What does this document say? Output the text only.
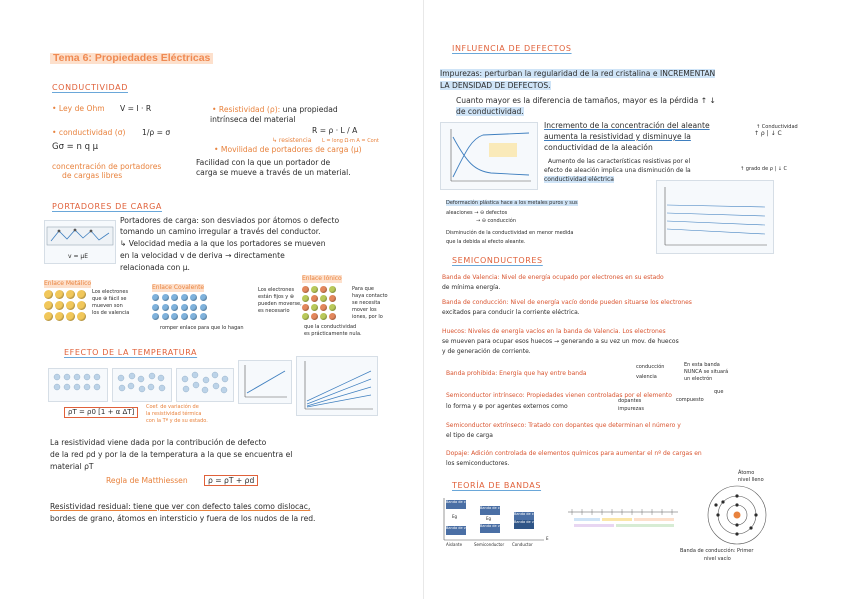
Tema 6: Propiedades Eléctricas
CONDUCTIVIDAD
• Ley de Ohm V = I · R
• conductividad (σ) 1/ρ = σ
Gσ = n q μ
concentración de portadores
de cargas libres
• Resistividad (ρ): una propiedad
intrínseca del material
R = ρ · L / A
↳ resistencia L = long Ω·m A = Cont
• Movilidad de portadores de carga (μ)
Facilidad con la que un portador de
carga se mueve a través de un material.
PORTADORES DE CARGA
v = μE
Portadores de carga: son desviados por átomos o defecto
tomando un camino irregular a través del conductor.
↳ Velocidad media a la que los portadores se mueven
en la velocidad v de deriva → directamente
relacionada con μ.
Enlace Metálico
Los electrones
que ⊕ fácil se
mueven son
los de valencia
Enlace Covalente	Los electrones
están fijos y ⊕
pueden moverse,
es necesario
romper enlace para que lo hagan
Enlace Iónico
Para que
haya contacto
se necesita
mover los
iones, por lo
que la conductividad
es prácticamente nula.
EFECTO DE LA TEMPERATURA
ρT = ρ0 [1 + α ΔT]
Coef. de variación de
la resistividad térmica
con la Tª y de su estado.
La resistividad viene dada por la contribución de defecto
de la red ρd y por la de la temperatura a la que se encuentra el
material ρT
Regla de Matthiessen	ρ = ρT + ρd
Resistividad residual: tiene que ver con defecto tales como dislocac,
bordes de grano, átomos en intersticio y fuera de los nudos de la red.
INFLUENCIA DE DEFECTOS
Impurezas: perturban la regularidad de la red cristalina e INCREMENTAN
LA DENSIDAD DE DEFECTOS.
Cuanto mayor es la diferencia de tamaños, mayor es la pérdida ↑ ↓
de conductividad.
Incremento de la concentración del aleante
aumenta la resistividad y disminuye la
conductividad de la aleación
Aumento de las características resistivas por el
efecto de aleación implica una disminución de la
conductividad eléctrica
↑ Conductividad
↑ ρ | ↓ C
↑ grado de ρ | ↓ C
Deformación plástica hace a los metales puros y sus
aleaciones → ⊖ defectos
→ ⊖ conducción
Disminución de la conductividad en menor medida
que la debida al efecto aleante.
SEMICONDUCTORES
Banda de Valencia: Nivel de energía ocupado por electrones en su estado
de mínima energía.
Banda de conducción: Nivel de energía vacío donde pueden situarse los electrones
excitados para conducir la corriente eléctrica.
Huecos: Niveles de energía vacíos en la banda de Valencia. Los electrones
se mueven para ocupar esos huecos → generando a su vez un mov. de huecos
y de generación de corriente.
Banda prohibida: Energía que hay entre banda
conducción
valencia
En esta banda
NUNCA se situará
un electrón
Semiconductor intrínseco: Propiedades vienen controladas por el elemento	que
lo forma y ⊕ por agentes externos como
dopantes
impurezas
compuesto
Semiconductor extrínseco: Tratado con dopantes que determinan el número y
el tipo de carga
Dopaje: Adición controlada de elementos químicos para aumentar el nº de cargas en
los semiconductores.
TEORÍA DE BANDAS
Banda de conducción
Banda de conducción
Banda de conducción
Banda de valencia Banda de valencia
Banda de valencia
Eg	Eg
Aislante	Semiconductor Conductor
E
Átomo
nivel lleno
Banda de conducción: Primer
nivel vacío
